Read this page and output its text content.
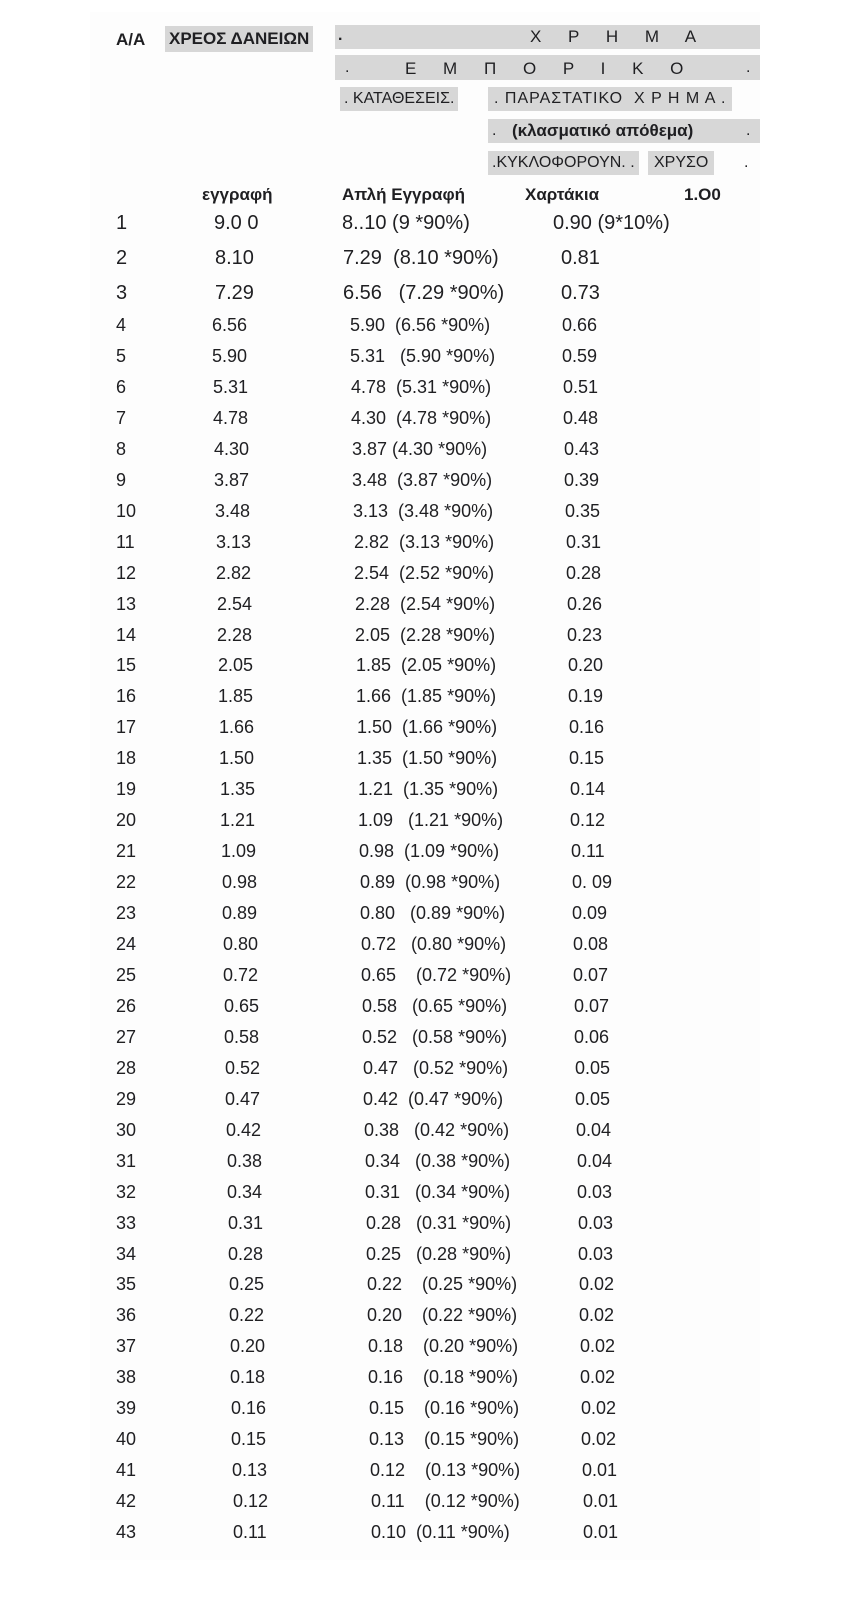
Α/Α ΧΡΕΟΣ ΔΑΝΕΙΩΝ .	Χ Ρ Η Μ Α
.	Ε Μ Π Ο Ρ Ι Κ Ο	.
. ΚΑΤΑΘΕΣΕΙΣ.	. ΠΑΡΑΣΤΑΤΙΚΟ  Χ Ρ Η Μ Α .
. (κλασματικό απόθεμα)	.
.ΚΥΚΛΟΦΟΡΟΥΝ. .	ΧΡΥΣΟ	.
εγγραφή	Απλή Εγγραφή	Χαρτάκια	1.Ο0
1	9.0 0	8..10 (9 *90%)	0.90 (9*10%)
2	8.10	7.29  (8.10 *90%)	0.81
3	7.29	6.56   (7.29 *90%)	0.73
4	6.56	5.90  (6.56 *90%)	0.66
5	5.90	5.31   (5.90 *90%)	0.59
6	5.31	4.78  (5.31 *90%)	0.51
7	4.78	4.30  (4.78 *90%)	0.48
8	4.30	3.87 (4.30 *90%)	0.43
9	3.87	3.48  (3.87 *90%)	0.39
10	3.48	3.13  (3.48 *90%)	0.35
11	3.13	2.82  (3.13 *90%)	0.31
12	2.82	2.54  (2.52 *90%)	0.28
13	2.54	2.28  (2.54 *90%)	0.26
14	2.28	2.05  (2.28 *90%)	0.23
15	2.05	1.85  (2.05 *90%)	0.20
16	1.85	1.66  (1.85 *90%)	0.19
17	1.66	1.50  (1.66 *90%)	0.16
18	1.50	1.35  (1.50 *90%)	0.15
19	1.35	1.21  (1.35 *90%)	0.14
20	1.21	1.09   (1.21 *90%)	0.12
21	1.09	0.98  (1.09 *90%)	0.11
22	0.98	0.89  (0.98 *90%)	0. 09
23	0.89	0.80   (0.89 *90%)	0.09
24	0.80	0.72   (0.80 *90%)	0.08
25	0.72	0.65    (0.72 *90%)	0.07
26	0.65	0.58   (0.65 *90%)	0.07
27	0.58	0.52   (0.58 *90%)	0.06
28	0.52	0.47   (0.52 *90%)	0.05
29	0.47	0.42  (0.47 *90%)	0.05
30	0.42	0.38   (0.42 *90%)	0.04
31	0.38	0.34   (0.38 *90%)	0.04
32	0.34	0.31   (0.34 *90%)	0.03
33	0.31	0.28   (0.31 *90%)	0.03
34	0.28	0.25   (0.28 *90%)	0.03
35	0.25	0.22    (0.25 *90%)	0.02
36	0.22	0.20    (0.22 *90%)	0.02
37	0.20	0.18    (0.20 *90%)	0.02
38	0.18	0.16    (0.18 *90%)	0.02
39	0.16	0.15    (0.16 *90%)	0.02
40	0.15	0.13    (0.15 *90%)	0.02
41	0.13	0.12    (0.13 *90%)	0.01
42	0.12	0.11    (0.12 *90%)	0.01
43	0.11	0.10  (0.11 *90%)	0.01
